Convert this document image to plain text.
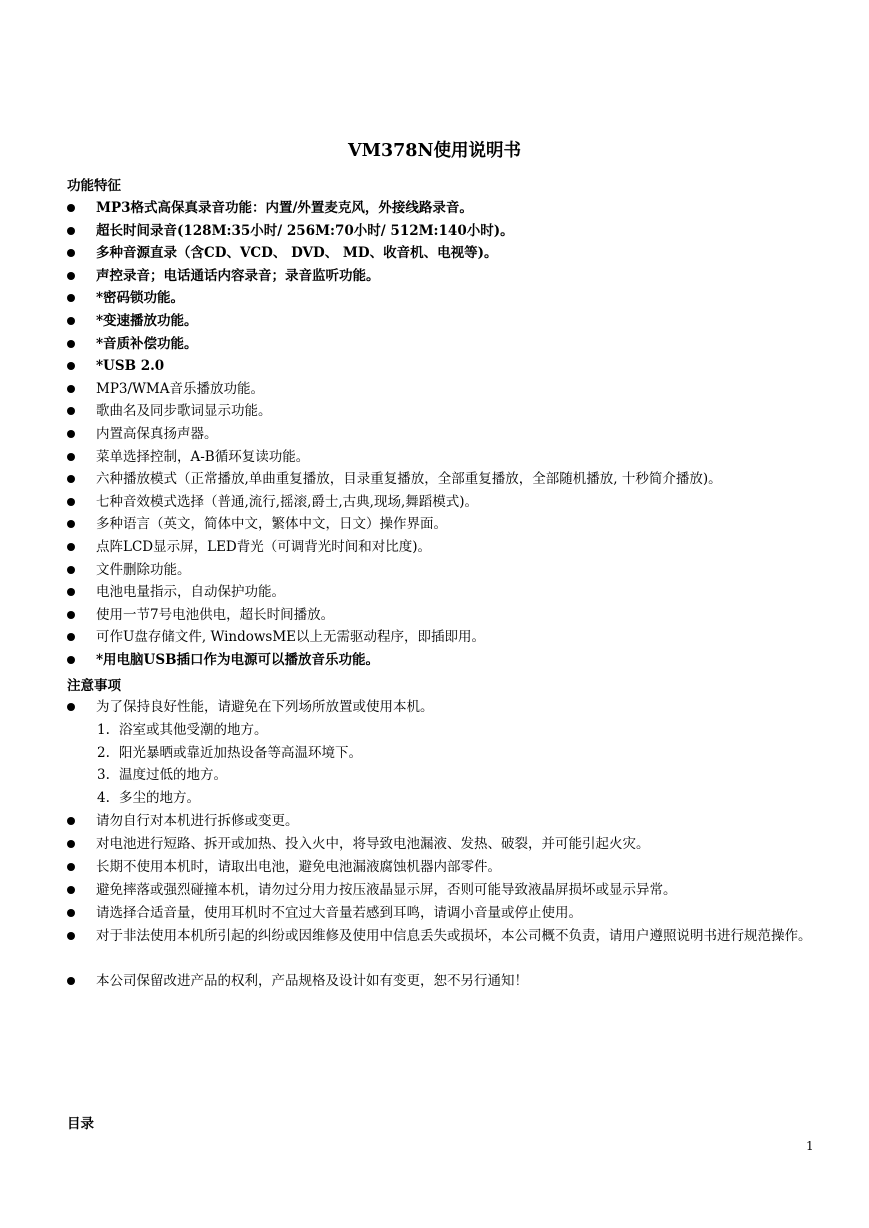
VM378N使用说明书
功能特征
MP3格式高保真录音功能：内置/外置麦克风，外接线路录音。
超长时间录音(128M:35小时/ 256M:70小时/ 512M:140小时)。
多种音源直录（含CD、VCD、 DVD、 MD、收音机、电视等)。
声控录音；电话通话内容录音；录音监听功能。
*密码锁功能。
*变速播放功能。
*音质补偿功能。
*USB 2.0
MP3/WMA音乐播放功能。
歌曲名及同步歌词显示功能。
内置高保真扬声器。
菜单选择控制，A-B循环复读功能。
六种播放模式（正常播放,单曲重复播放，目录重复播放，全部重复播放，全部随机播放, 十秒简介播放)。
七种音效模式选择（普通,流行,摇滚,爵士,古典,现场,舞蹈模式)。
多种语言（英文，简体中文，繁体中文，日文）操作界面。
点阵LCD显示屏，LED背光（可调背光时间和对比度)。
文件删除功能。
电池电量指示，自动保护功能。
使用一节7号电池供电，超长时间播放。
可作U盘存储文件, WindowsME以上无需驱动程序，即插即用。
*用电脑USB插口作为电源可以播放音乐功能。
注意事项
为了保持良好性能，请避免在下列场所放置或使用本机。
1. 浴室或其他受潮的地方。
2. 阳光暴晒或靠近加热设备等高温环境下。
3. 温度过低的地方。
4. 多尘的地方。
请勿自行对本机进行拆修或变更。
对电池进行短路、拆开或加热、投入火中，将导致电池漏液、发热、破裂，并可能引起火灾。
长期不使用本机时，请取出电池，避免电池漏液腐蚀机器内部零件。
避免摔落或强烈碰撞本机，请勿过分用力按压液晶显示屏，否则可能导致液晶屏损坏或显示异常。
请选择合适音量，使用耳机时不宜过大音量若感到耳鸣，请调小音量或停止使用。
对于非法使用本机所引起的纠纷或因维修及使用中信息丢失或损坏，本公司概不负责，请用户遵照说明书进行规范操作。
本公司保留改进产品的权利，产品规格及设计如有变更，恕不另行通知！
目录
1
